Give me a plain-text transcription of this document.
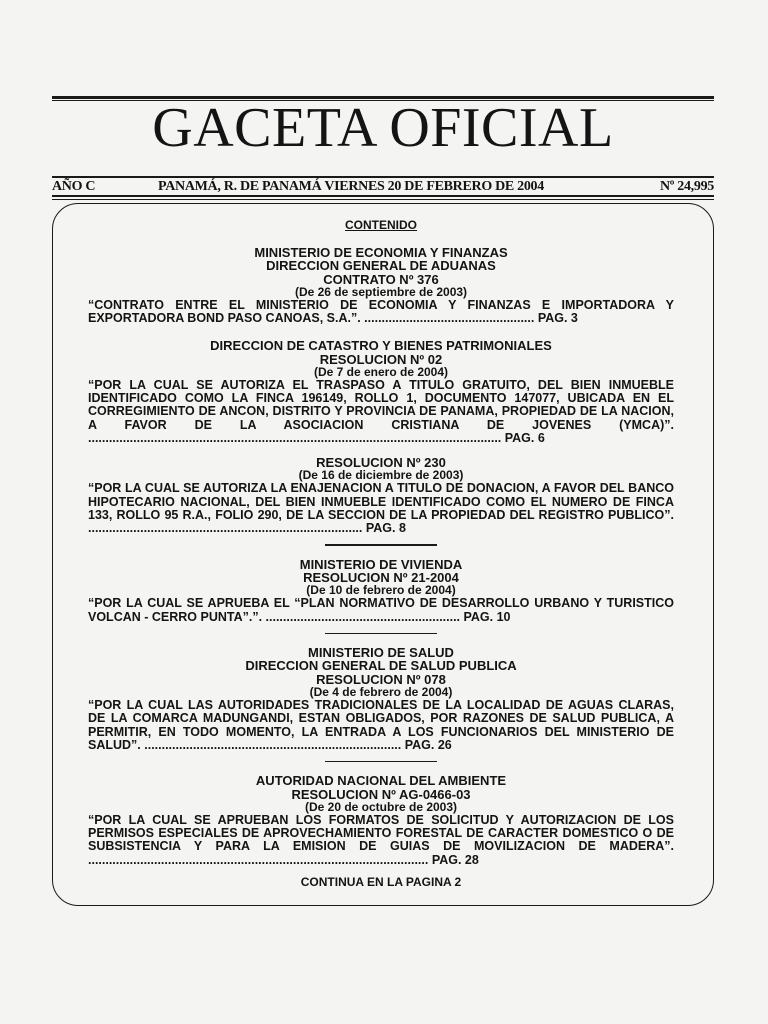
GACETA OFICIAL
AÑO C	PANAMÁ, R. DE PANAMÁ VIERNES 20 DE FEBRERO DE 2004	Nº 24,995
CONTENIDO

MINISTERIO DE ECONOMIA Y FINANZAS

DIRECCION GENERAL DE ADUANAS

CONTRATO Nº 376

(De 26 de septiembre de 2003)

“CONTRATO ENTRE EL MINISTERIO DE ECONOMIA Y FINANZAS E IMPORTADORA Y EXPORTADORA BOND PASO CANOAS, S.A.”. ................................................. PAG. 3

DIRECCION DE CATASTRO Y BIENES PATRIMONIALES

RESOLUCION Nº 02

(De 7 de enero de 2004)

“POR LA CUAL SE AUTORIZA EL TRASPASO A TITULO GRATUITO, DEL BIEN INMUEBLE IDENTIFICADO COMO LA FINCA 196149, ROLLO 1, DOCUMENTO 147077, UBICADA EN EL CORREGIMIENTO DE ANCON, DISTRITO Y PROVINCIA DE PANAMA, PROPIEDAD DE LA NACION, A FAVOR DE LA ASOCIACION CRISTIANA DE JOVENES (YMCA)”. ....................................................................................................................... PAG. 6

RESOLUCION Nº 230

(De 16 de diciembre de 2003)

“POR LA CUAL SE AUTORIZA LA ENAJENACION A TITULO DE DONACION, A FAVOR DEL BANCO HIPOTECARIO NACIONAL, DEL BIEN INMUEBLE IDENTIFICADO COMO EL NUMERO DE FINCA 133, ROLLO 95 R.A., FOLIO 290, DE LA SECCION DE LA PROPIEDAD DEL REGISTRO PUBLICO”. ............................................................................... PAG. 8

MINISTERIO DE VIVIENDA

RESOLUCION Nº 21-2004

(De 10 de febrero de 2004)

“POR LA CUAL SE APRUEBA EL “PLAN NORMATIVO DE DESARROLLO URBANO Y TURISTICO VOLCAN - CERRO PUNTA”.”. ........................................................ PAG. 10

MINISTERIO DE SALUD

DIRECCION GENERAL DE SALUD PUBLICA

RESOLUCION Nº 078

(De 4 de febrero de 2004)

“POR LA CUAL LAS AUTORIDADES TRADICIONALES DE LA LOCALIDAD DE AGUAS CLARAS, DE LA COMARCA MADUNGANDI, ESTAN OBLIGADOS, POR RAZONES DE SALUD PUBLICA, A PERMITIR, EN TODO MOMENTO, LA ENTRADA A LOS FUNCIONARIOS DEL MINISTERIO DE SALUD”. .......................................................................... PAG. 26

AUTORIDAD NACIONAL DEL AMBIENTE

RESOLUCION Nº AG-0466-03

(De 20 de octubre de 2003)

“POR LA CUAL SE APRUEBAN LOS FORMATOS DE SOLICITUD Y AUTORIZACION DE LOS PERMISOS ESPECIALES DE APROVECHAMIENTO FORESTAL DE CARACTER DOMESTICO O DE SUBSISTENCIA Y PARA LA EMISION DE GUIAS DE MOVILIZACION DE MADERA”. .................................................................................................. PAG. 28

CONTINUA EN LA PAGINA 2
